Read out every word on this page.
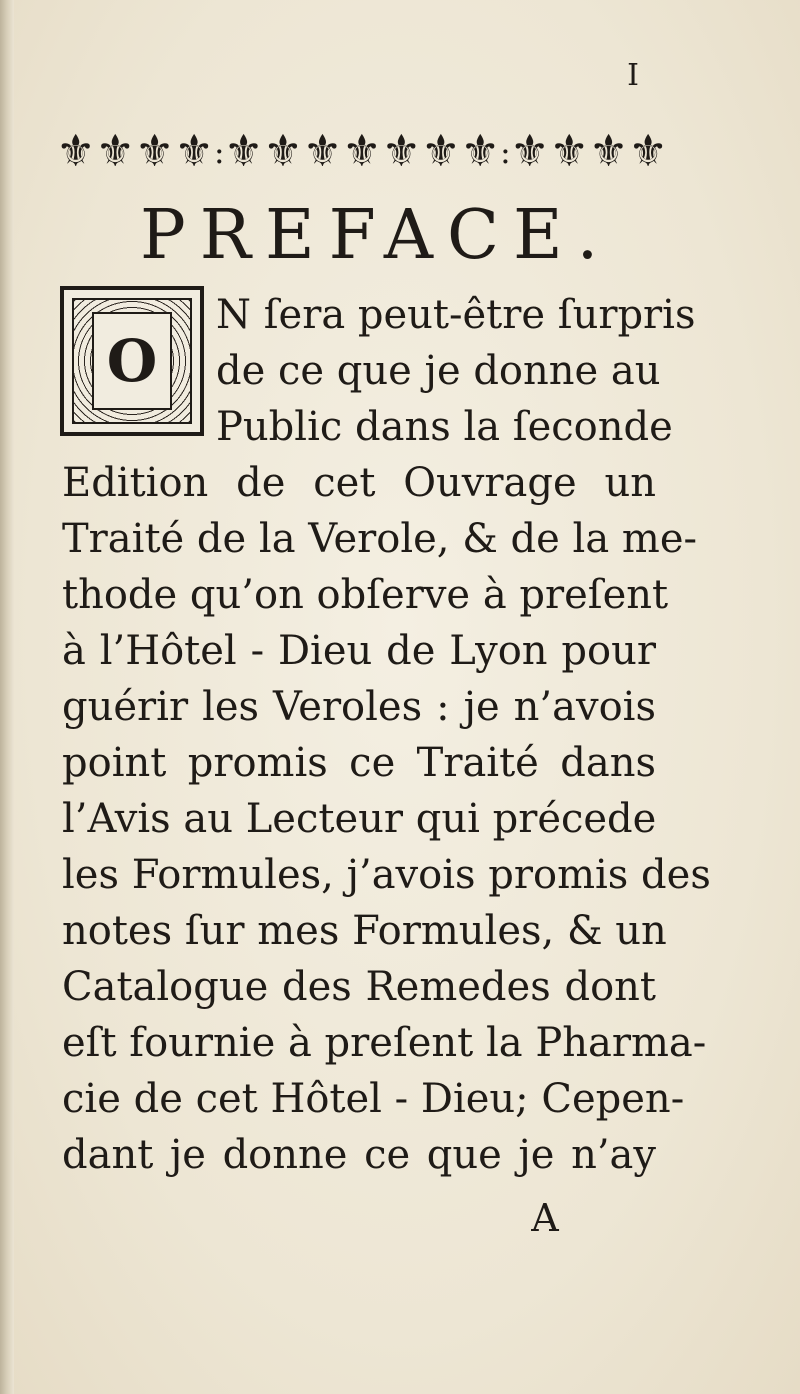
I
⚜ ⚜ ⚜ ⚜ : ⚜ ⚜ ⚜ ⚜ ⚜ ⚜ ⚜ : ⚜ ⚜ ⚜ ⚜
PREFACE.
O
N ſera peut-être ſurpris
de ce que je donne au
Public dans la ſeconde
Edition de cet Ouvrage un
Traité de la Verole, & de la me-
thode qu’on obſerve à preſent
à l’Hôtel - Dieu de Lyon pour
guérir les Veroles : je n’avois
point promis ce Traité dans
l’Avis au Lecteur qui précede
les Formules, j’avois promis des
notes ſur mes Formules, & un
Catalogue des Remedes dont
eſt fournie à preſent la Pharma-
cie de cet Hôtel - Dieu; Cepen-
dant je donne ce que je n’ay
A
